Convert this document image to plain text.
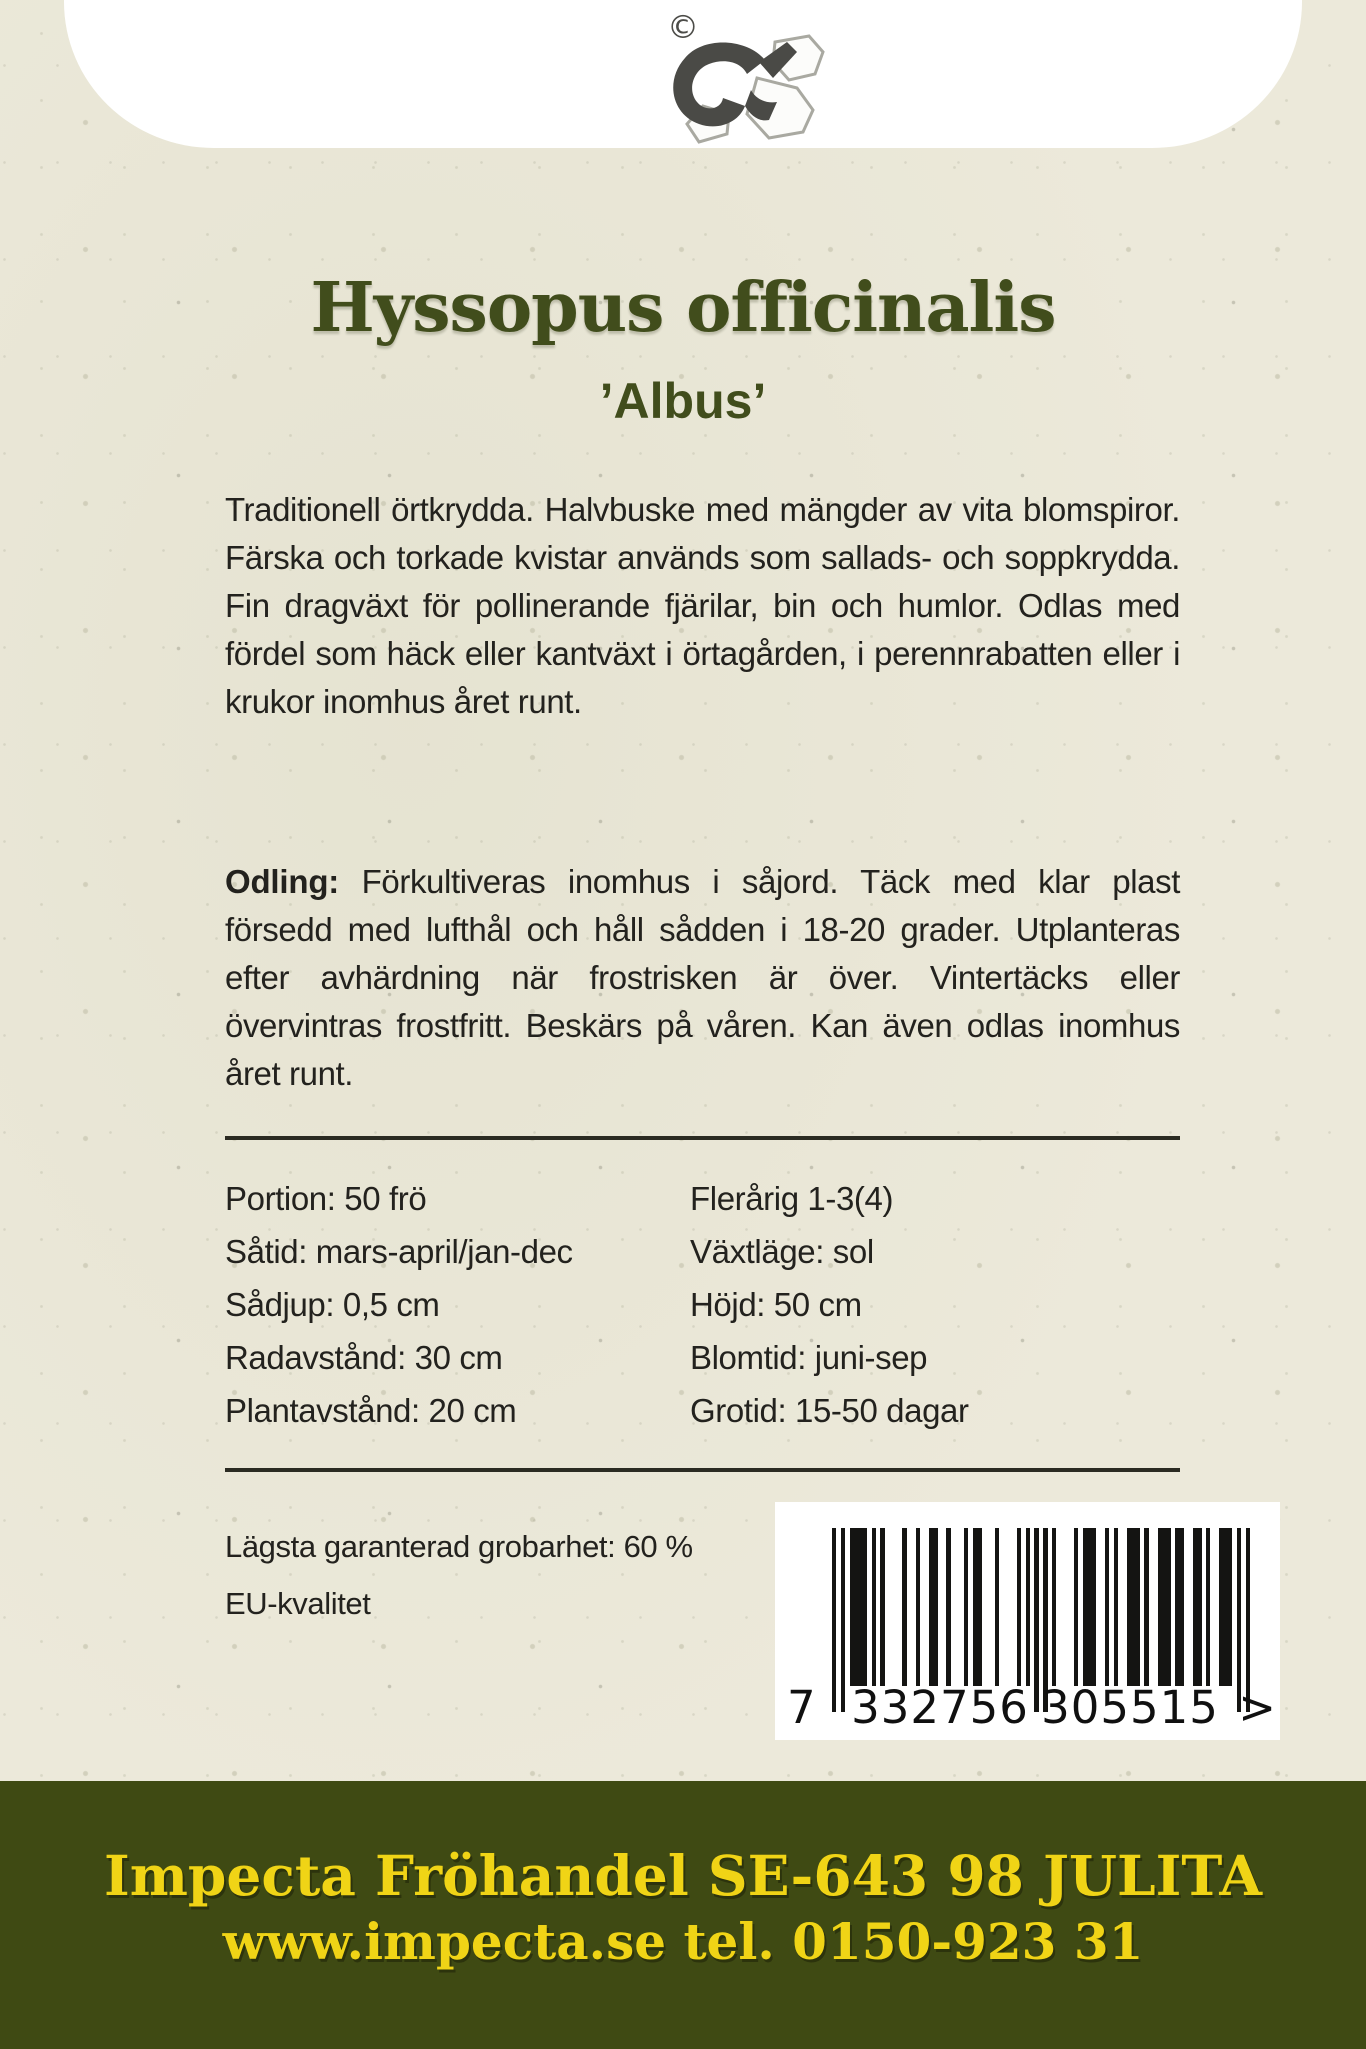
©
Hyssopus officinalis
’Albus’

Traditionell örtkrydda. Halvbuske med mängder av vita blomspiror. Färska och torkade kvistar används som sallads- och soppkrydda. Fin dragväxt för pollinerande fjärilar, bin och humlor. Odlas med fördel som häck eller kantväxt i örtagården, i perennrabatten eller i krukor inomhus året runt.

Odling: Förkultiveras inomhus i såjord. Täck med klar plast försedd med lufthål och håll sådden i 18-20 grader. Utplanteras efter avhärdning när frostrisken är över. Vintertäcks eller övervintras frostfritt. Beskärs på våren. Kan även odlas inomhus året runt.

Portion: 50 frö
Såtid: mars-april/jan-dec
Sådjup: 0,5 cm
Radavstånd: 30 cm
Plantavstånd: 20 cm
Flerårig 1-3(4)
Växtläge: sol
Höjd: 50 cm
Blomtid: juni-sep
Grotid: 15-50 dagar
Lägsta garanterad grobarhet: 60 %
EU-kvalitet
7 332756 305515 >
Impecta Fröhandel SE-643 98 JULITA
www.impecta.se tel. 0150-923 31
